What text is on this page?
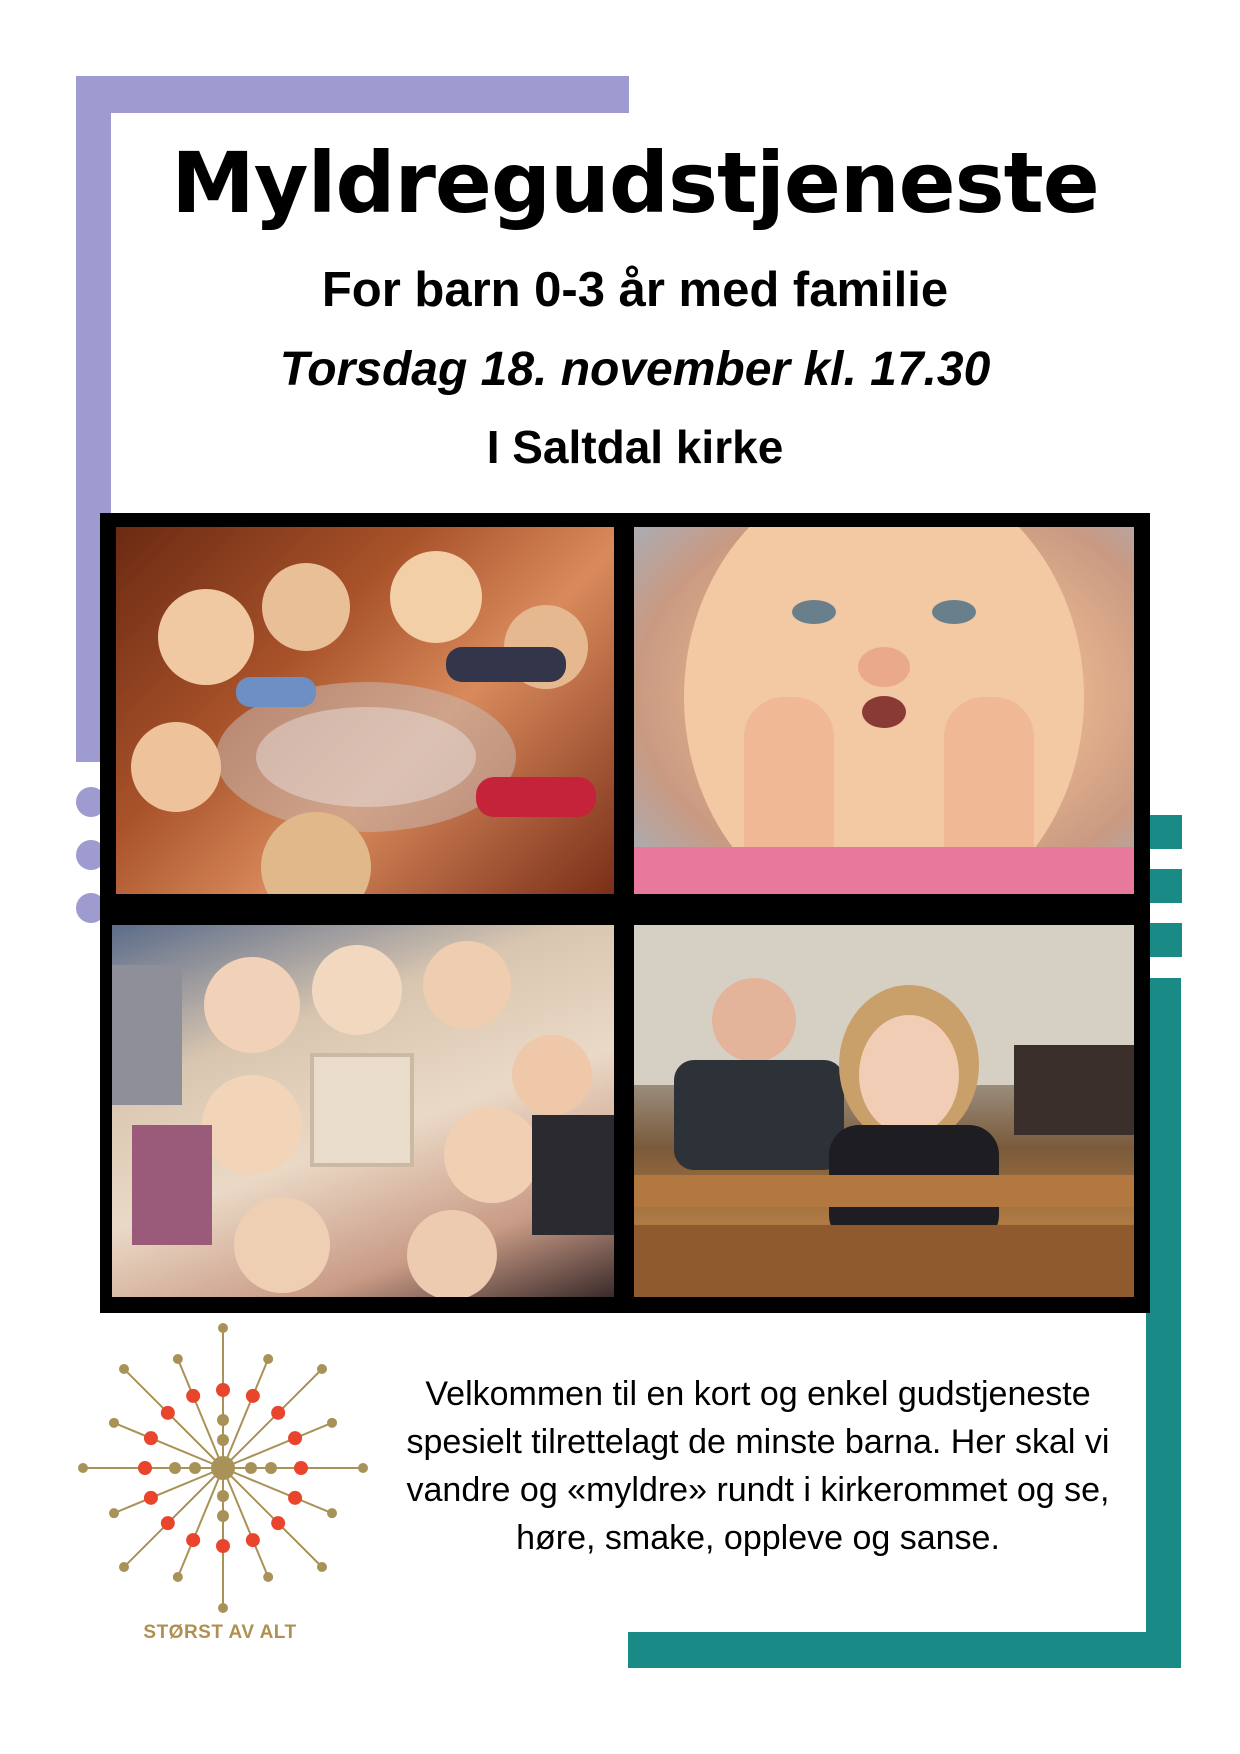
Myldregudstjeneste
For barn 0-3 år med familie
Torsdag 18. november kl. 17.30
I Saltdal kirke
STØRST AV ALT
Velkommen til en kort og enkel gudstjeneste spesielt tilrettelagt de minste barna. Her skal vi vandre og «myldre» rundt i kirkerommet og se, høre, smake, oppleve og sanse.
